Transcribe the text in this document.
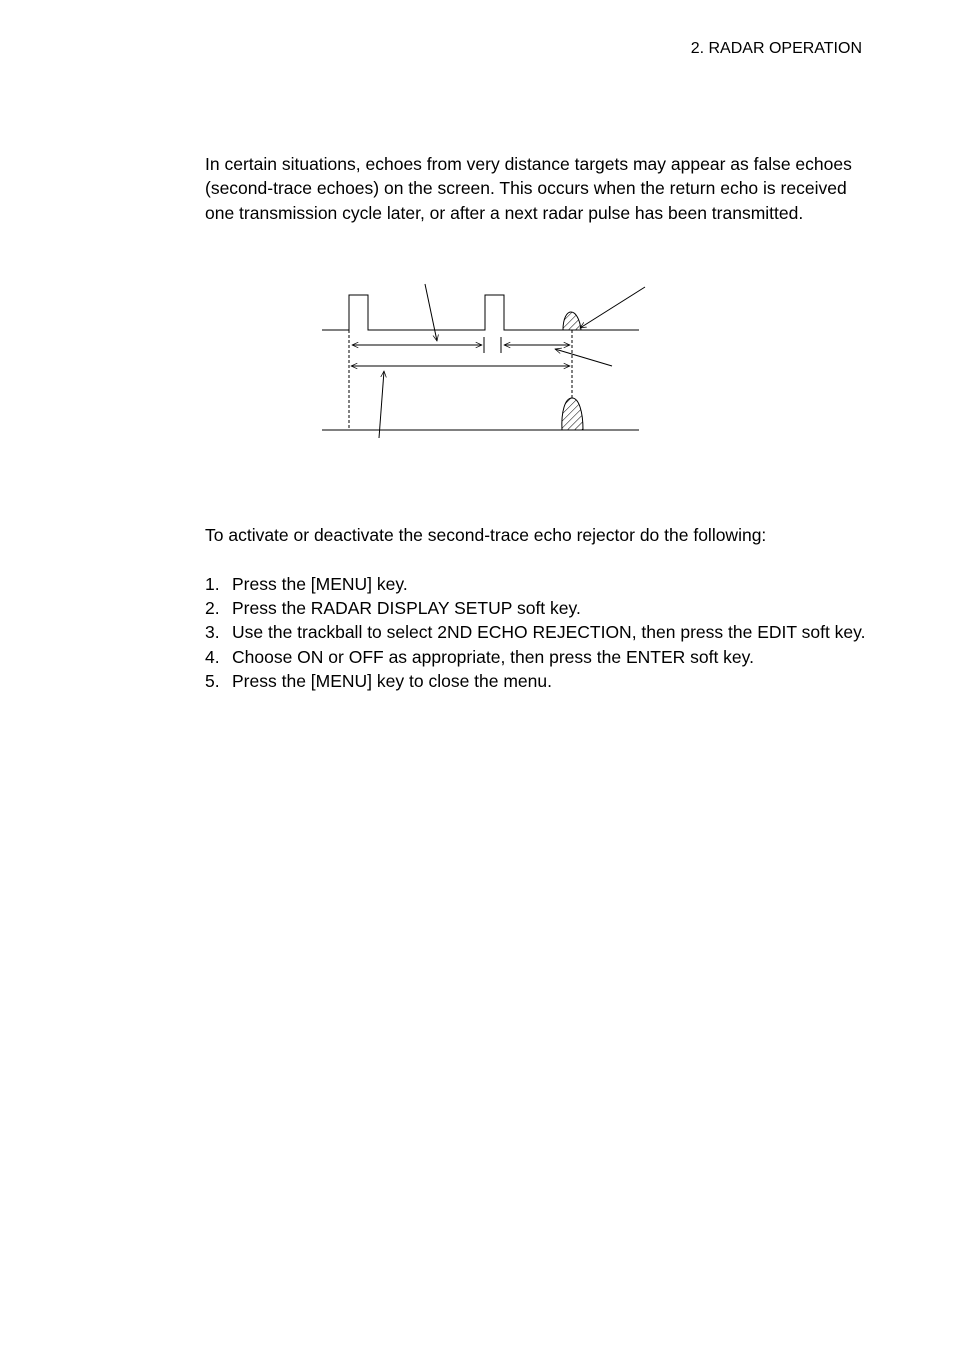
2. RADAR OPERATION

In certain situations, echoes from very distance targets may appear as false echoes (second-trace echoes) on the screen. This occurs when the return echo is received one transmission cycle later, or after a next radar pulse has been transmitted.

To activate or deactivate the second-trace echo rejector do the following:

1. Press the [MENU] key.
2. Press the RADAR DISPLAY SETUP soft key.
3. Use the trackball to select 2ND ECHO REJECTION, then press the EDIT soft key.
4. Choose ON or OFF as appropriate, then press the ENTER soft key.
5. Press the [MENU] key to close the menu.
